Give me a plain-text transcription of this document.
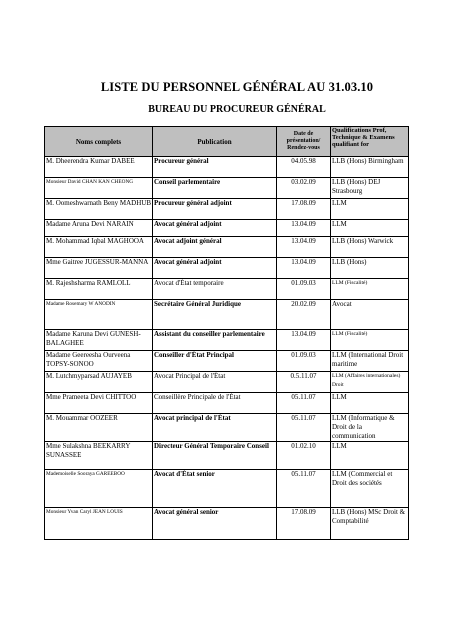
LISTE DU PERSONNEL GÉNÉRAL AU 31.03.10
BUREAU DU PROCUREUR GÉNÉRAL
Noms complets	Publication	Date de présentation/ Rendez-vous	Qualifications Prof, Technique & Examens qualifiant for
M. Dheerendra Kumar DABEE	Procureur général	04.05.98	LLB (Hons) Birmingham
Monsieur David CHAN KAN CHEONG	Conseil parlementaire	03.02.09	LLB (Hons) DEJ Strasbourg
M. Oomeshwarnath Beny MADHUB	Procureur général adjoint	17.08.09	LLM
Madame Aruna Devi NARAIN	Avocat général adjoint	13.04.09	LLM
M. Mohammad Iqbal MAGHOOA	Avocat adjoint général	13.04.09	LLB (Hons) Warwick
Mme Gaitree JUGESSUR-MANNA	Avocat général adjoint	13.04.09	LLB (Hons)
M. Rajeshsharma RAMLOLL	Avocat d'État temporaire	01.09.03	LLM (Fiscalité)
Madame Rosemary W ANODIN	Secrétaire Général Juridique	20.02.09	Avocat
Madame Karuna Devi GUNESH-BALAGHEE	Assistant du conseiller parlementaire	13.04.09	LLM (Fiscalité)
Madame Geereesha Ourveena TOPSY-SONOO	Conseiller d'État Principal	01.09.03	LLM (International Droit maritime
M. Lutchmyparsad AUJAYEB	Avocat Principal de l'État	0.5.11.07	LLM (Affaires internationales) Droit
Mme Prameeta Devi CHITTOO	Conseillère Principale de l'État	05.11.07	LLM
M. Mouammar OOZEER	Avocat principal de l'État	05.11.07	LLM (Informatique & Droit de la communication
Mme Sulakshna BEEKARRY SUNASSEE	Directeur Général Temporaire Conseil	01.02.10	LLM
Mademoiselle Sooraya GAREEBOO	Avocat d'État senior	05.11.07	LLM (Commercial et Droit des sociétés
Monsieur Yvan Caryl JEAN LOUIS	Avocat général senior	17.08.09	LLB (Hons) MSc Droit & Comptabilité
